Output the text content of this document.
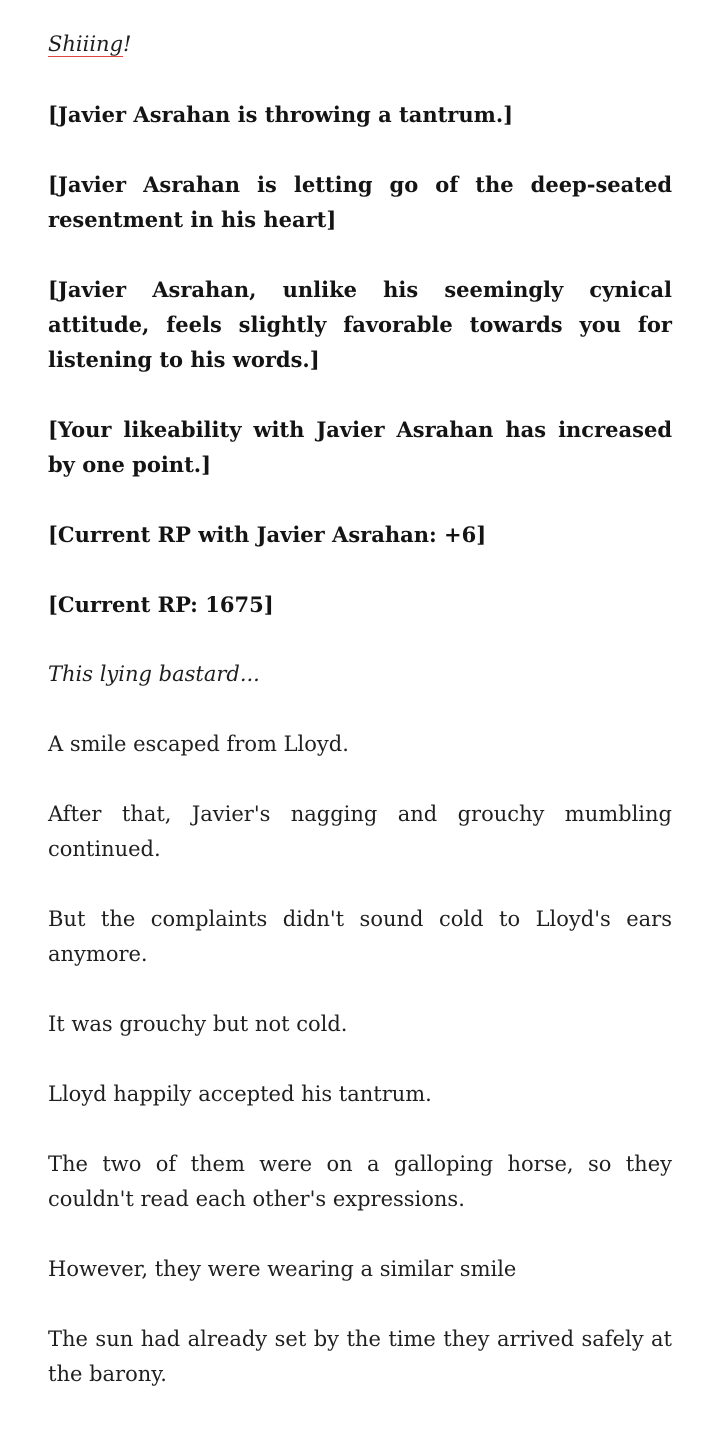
Shiiing!

[Javier Asrahan is throwing a tantrum.]

[Javier Asrahan is letting go of the deep-seated resentment in his heart]

[Javier Asrahan, unlike his seemingly cynical attitude, feels slightly favorable towards you for listening to his words.]

[Your likeability with Javier Asrahan has increased by one point.]

[Current RP with Javier Asrahan: +6]

[Current RP: 1675]

This lying bastard...

A smile escaped from Lloyd.

After that, Javier's nagging and grouchy mumbling continued.

But the complaints didn't sound cold to Lloyd's ears anymore.

It was grouchy but not cold.

Lloyd happily accepted his tantrum.

The two of them were on a galloping horse, so they couldn't read each other's expressions.

However, they were wearing a similar smile

The sun had already set by the time they arrived safely at the barony.
